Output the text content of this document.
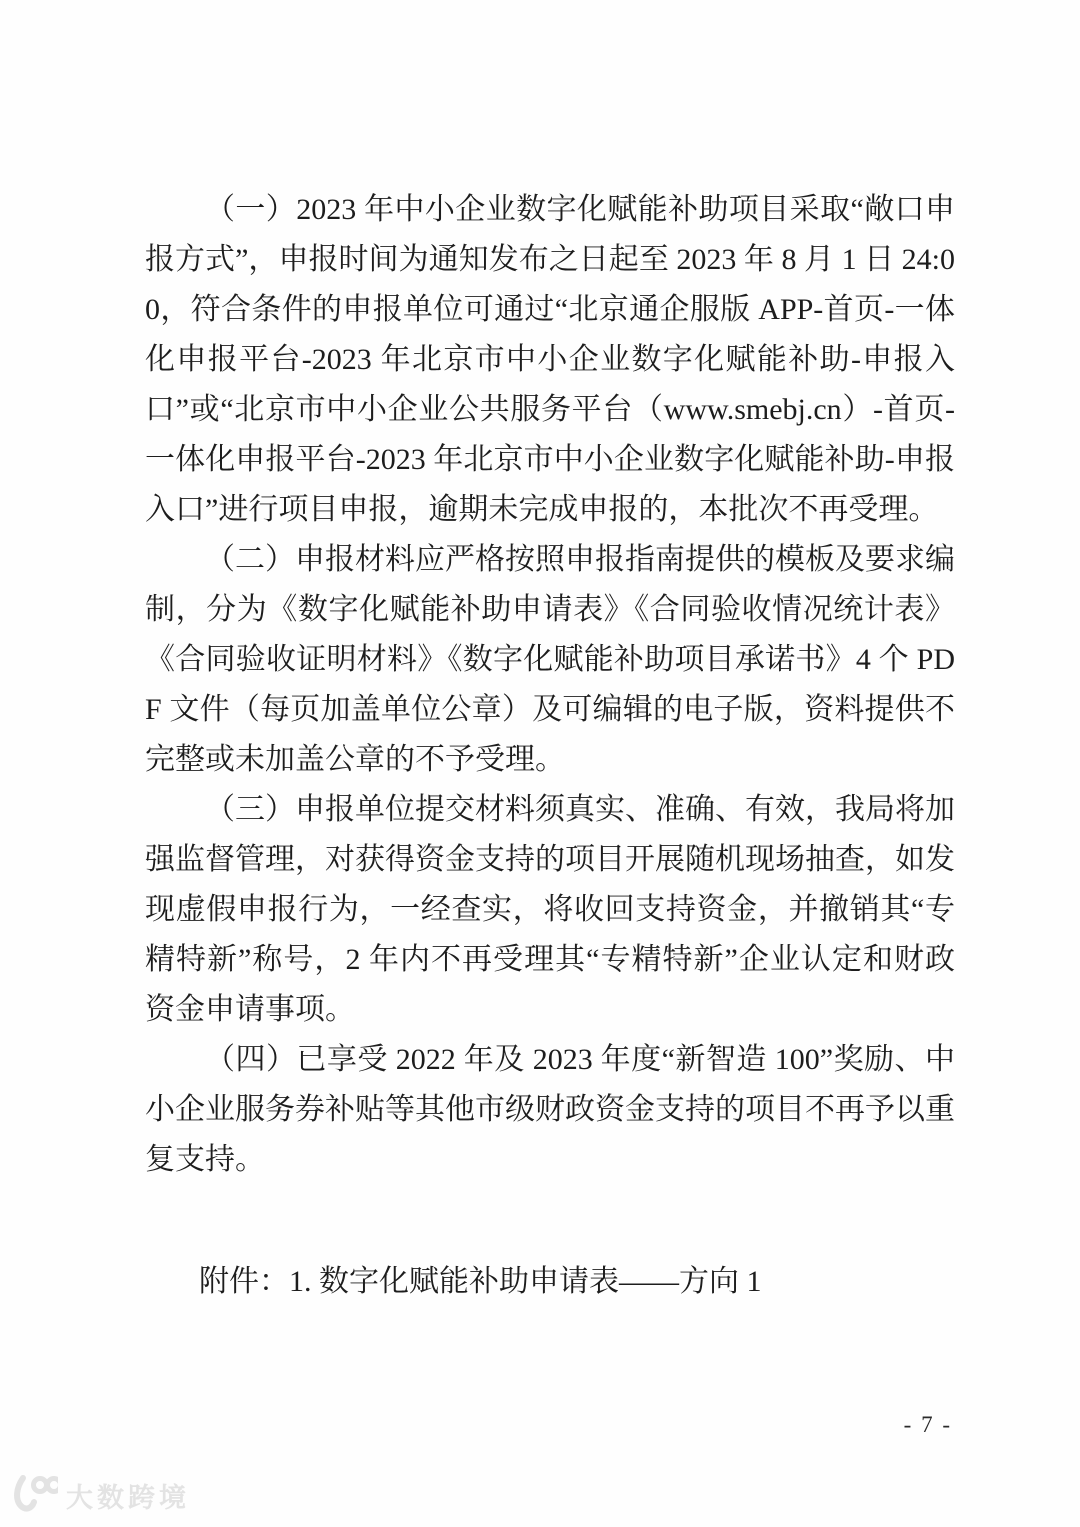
（一）2023 年中小企业数字化赋能补助项目采取“敞口申报方式”，申报时间为通知发布之日起至 2023 年 8 月 1 日 24:00，符合条件的申报单位可通过“北京通企服版 APP-首页-一体化申报平台-2023 年北京市中小企业数字化赋能补助-申报入口”或“北京市中小企业公共服务平台（www.smebj.cn）-首页-一体化申报平台-2023 年北京市中小企业数字化赋能补助-申报入口”进行项目申报，逾期未完成申报的，本批次不再受理。

（二）申报材料应严格按照申报指南提供的模板及要求编制，分为《数字化赋能补助申请表》《合同验收情况统计表》《合同验收证明材料》《数字化赋能补助项目承诺书》4 个 PDF 文件（每页加盖单位公章）及可编辑的电子版，资料提供不完整或未加盖公章的不予受理。

（三）申报单位提交材料须真实、准确、有效，我局将加强监督管理，对获得资金支持的项目开展随机现场抽查，如发现虚假申报行为，一经查实，将收回支持资金，并撤销其“专精特新”称号，2 年内不再受理其“专精特新”企业认定和财政资金申请事项。

（四）已享受 2022 年及 2023 年度“新智造 100”奖励、中小企业服务券补贴等其他市级财政资金支持的项目不再予以重复支持。

附件：1. 数字化赋能补助申请表——方向 1

- 7 -
大数跨境
